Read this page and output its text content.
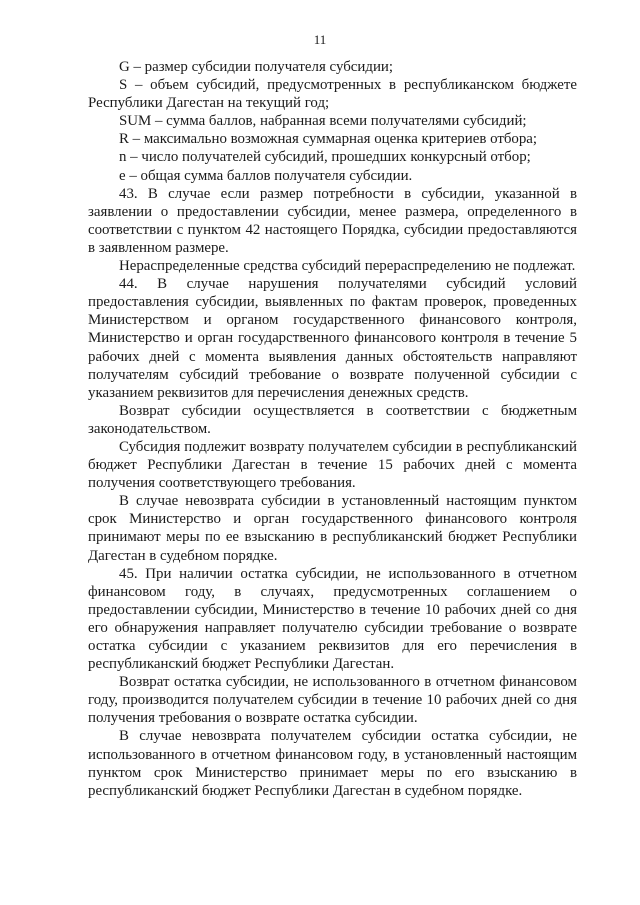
11

G – размер субсидии получателя субсидии;

S – объем субсидий, предусмотренных в республиканском бюджете Республики Дагестан на текущий год;

SUM – сумма баллов, набранная всеми получателями субсидий;

R – максимально возможная суммарная оценка критериев отбора;

n – число получателей субсидий, прошедших конкурсный отбор;

e – общая сумма баллов получателя субсидии.

43. В случае если размер потребности в субсидии, указанной в заявлении о предоставлении субсидии, менее размера, определенного в соответствии с пунктом 42 настоящего Порядка, субсидии предоставляются в заявленном размере.

Нераспределенные средства субсидий перераспределению не подлежат.

44. В случае нарушения получателями субсидий условий предоставления субсидии, выявленных по фактам проверок, проведенных Министерством и органом государственного финансового контроля, Министерство и орган государственного финансового контроля в течение 5 рабочих дней с момента выявления данных обстоятельств направляют получателям субсидий требование о возврате полученной субсидии с указанием реквизитов для перечисления денежных средств.

Возврат субсидии осуществляется в соответствии с бюджетным законодательством.

Субсидия подлежит возврату получателем субсидии в республиканский бюджет Республики Дагестан в течение 15 рабочих дней с момента получения соответствующего требования.

В случае невозврата субсидии в установленный настоящим пунктом срок Министерство и орган государственного финансового контроля принимают меры по ее взысканию в республиканский бюджет Республики Дагестан в судебном порядке.

45. При наличии остатка субсидии, не использованного в отчетном финансовом году, в случаях, предусмотренных соглашением о предоставлении субсидии, Министерство в течение 10 рабочих дней со дня его обнаружения направляет получателю субсидии требование о возврате остатка субсидии с указанием реквизитов для его перечисления в республиканский бюджет Республики Дагестан.

Возврат остатка субсидии, не использованного в отчетном финансовом году, производится получателем субсидии в течение 10 рабочих дней со дня получения требования о возврате остатка субсидии.

В случае невозврата получателем субсидии остатка субсидии, не использованного в отчетном финансовом году, в установленный настоящим пунктом срок Министерство принимает меры по его взысканию в республиканский бюджет Республики Дагестан в судебном порядке.
